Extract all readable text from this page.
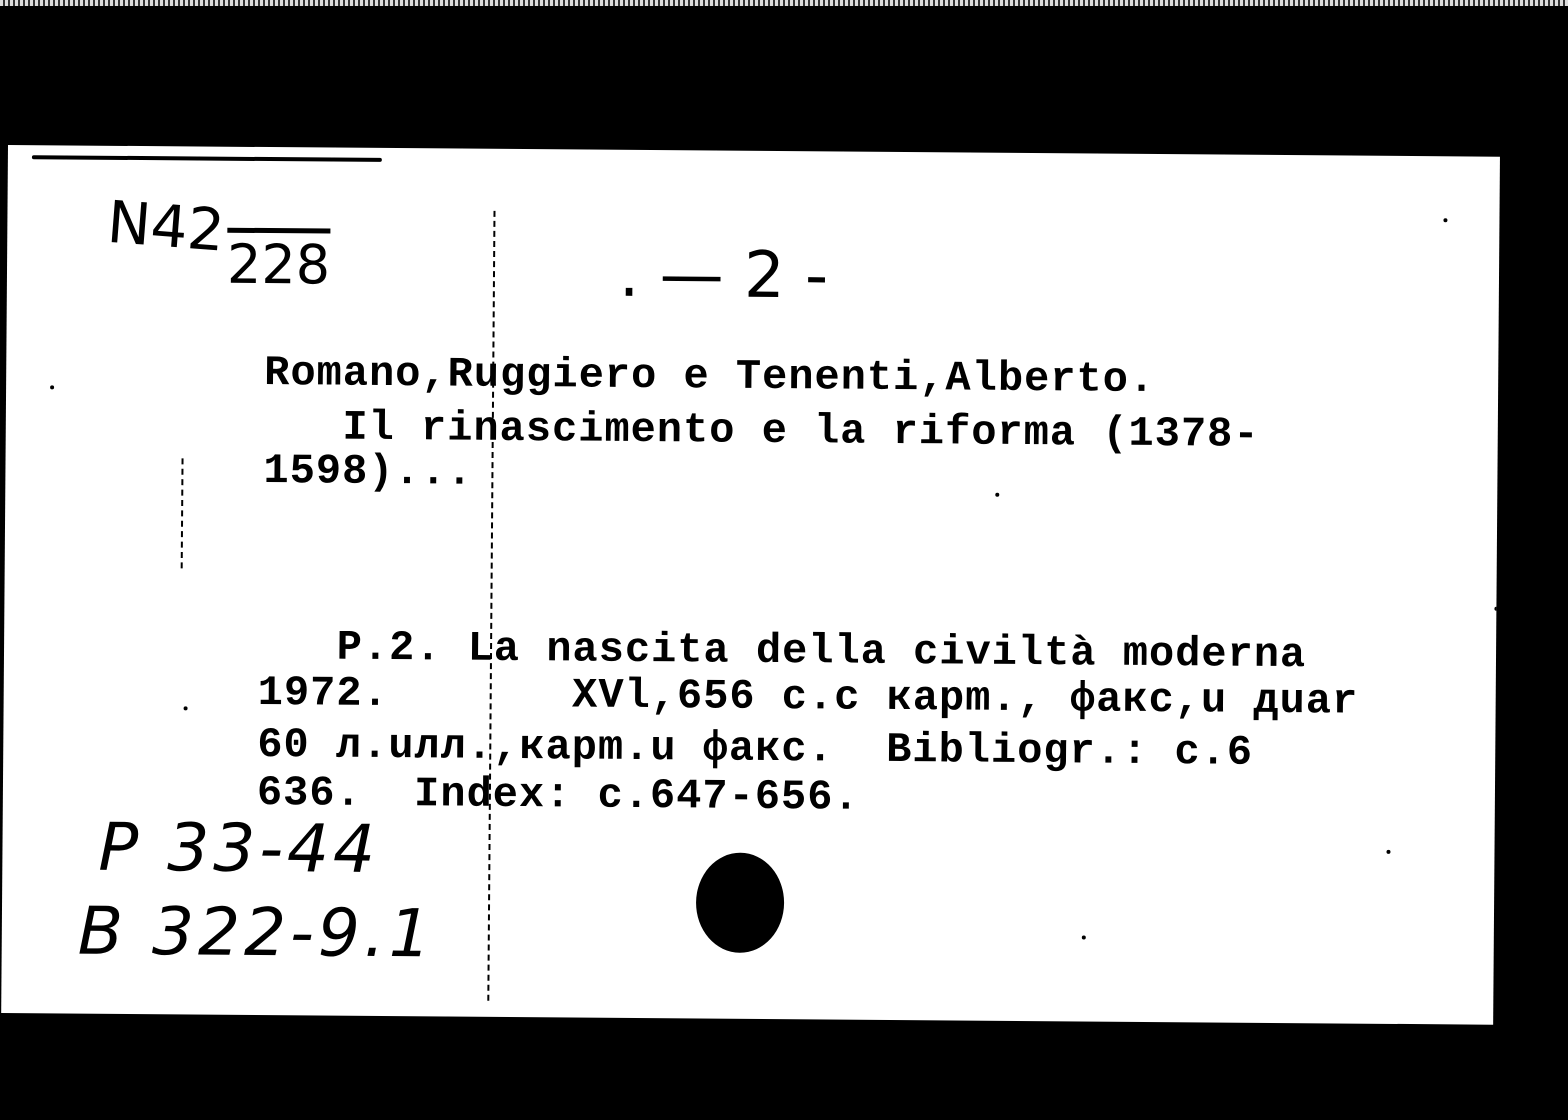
N42 228	. — 2 -
Romano,Ruggiero e Tenenti,Alberto.
Il rinascimento e la riforma (1378-
1598)...
P.2. La nascita della civiltà moderna
1972.       XVl,656 c.c карm., факс,u дuar
60 л.uлл.,карm.u факс.  Bibliogr.: c.6
636.  Index: c.647-656.
Р 33-44
B 322-9.1
